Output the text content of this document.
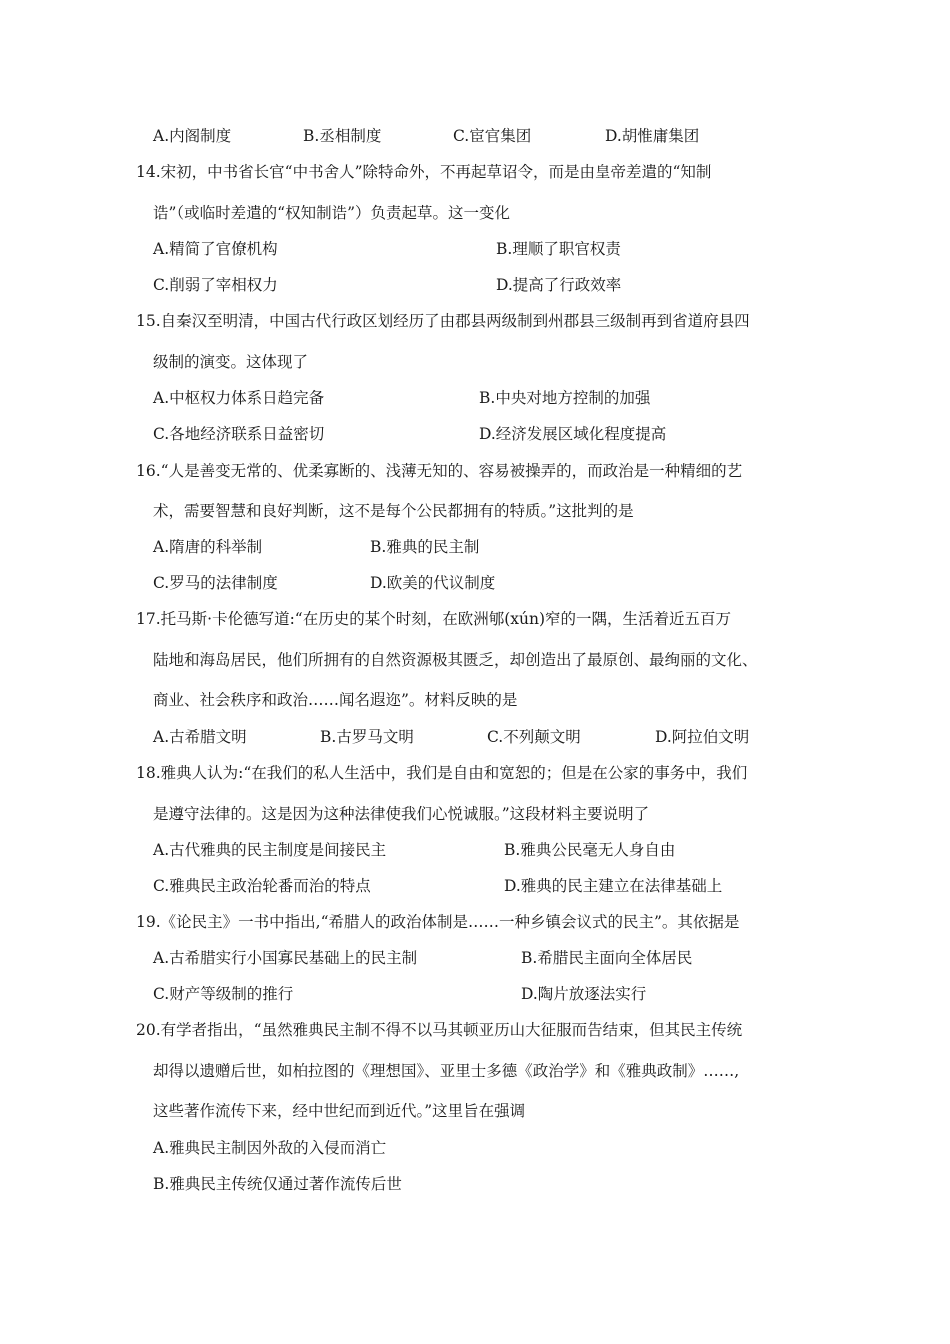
A.内阁制度	B.丞相制度	C.宦官集团	D.胡惟庸集团
14.宋初，中书省长官“中书舍人”除特命外，不再起草诏令，而是由皇帝差遣的“知制
诰”（或临时差遣的“权知制诰”）负责起草。这一变化
A.精简了官僚机构	B.理顺了职官权责
C.削弱了宰相权力	D.提高了行政效率
15.自秦汉至明清，中国古代行政区划经历了由郡县两级制到州郡县三级制再到省道府县四
级制的演变。这体现了
A.中枢权力体系日趋完备	B.中央对地方控制的加强
C.各地经济联系日益密切	D.经济发展区域化程度提高
16.“人是善变无常的、优柔寡断的、浅薄无知的、容易被操弄的，而政治是一种精细的艺
术，需要智慧和良好判断，这不是每个公民都拥有的特质。”这批判的是
A.隋唐的科举制	B.雅典的民主制
C.罗马的法律制度	D.欧美的代议制度
17.托马斯·卡伦德写道:“在历史的某个时刻，在欧洲郇(xún)窄的一隅，生活着近五百万
陆地和海岛居民，他们所拥有的自然资源极其匮乏，却创造出了最原创、最绚丽的文化、
商业、社会秩序和政治……闻名遐迩”。材料反映的是
A.古希腊文明	B.古罗马文明	C.不列颠文明	D.阿拉伯文明
18.雅典人认为:“在我们的私人生活中，我们是自由和宽恕的；但是在公家的事务中，我们
是遵守法律的。这是因为这种法律使我们心悦诚服。”这段材料主要说明了
A.古代雅典的民主制度是间接民主	B.雅典公民毫无人身自由
C.雅典民主政治轮番而治的特点	D.雅典的民主建立在法律基础上
19.《论民主》一书中指出,“希腊人的政治体制是……一种乡镇会议式的民主”。其依据是
A.古希腊实行小国寡民基础上的民主制	B.希腊民主面向全体居民
C.财产等级制的推行	D.陶片放逐法实行
20.有学者指出，“虽然雅典民主制不得不以马其顿亚历山大征服而告结束，但其民主传统
却得以遗赠后世，如柏拉图的《理想国》、亚里士多德《政治学》和《雅典政制》……,
这些著作流传下来，经中世纪而到近代。”这里旨在强调
A.雅典民主制因外敌的入侵而消亡
B.雅典民主传统仅通过著作流传后世
